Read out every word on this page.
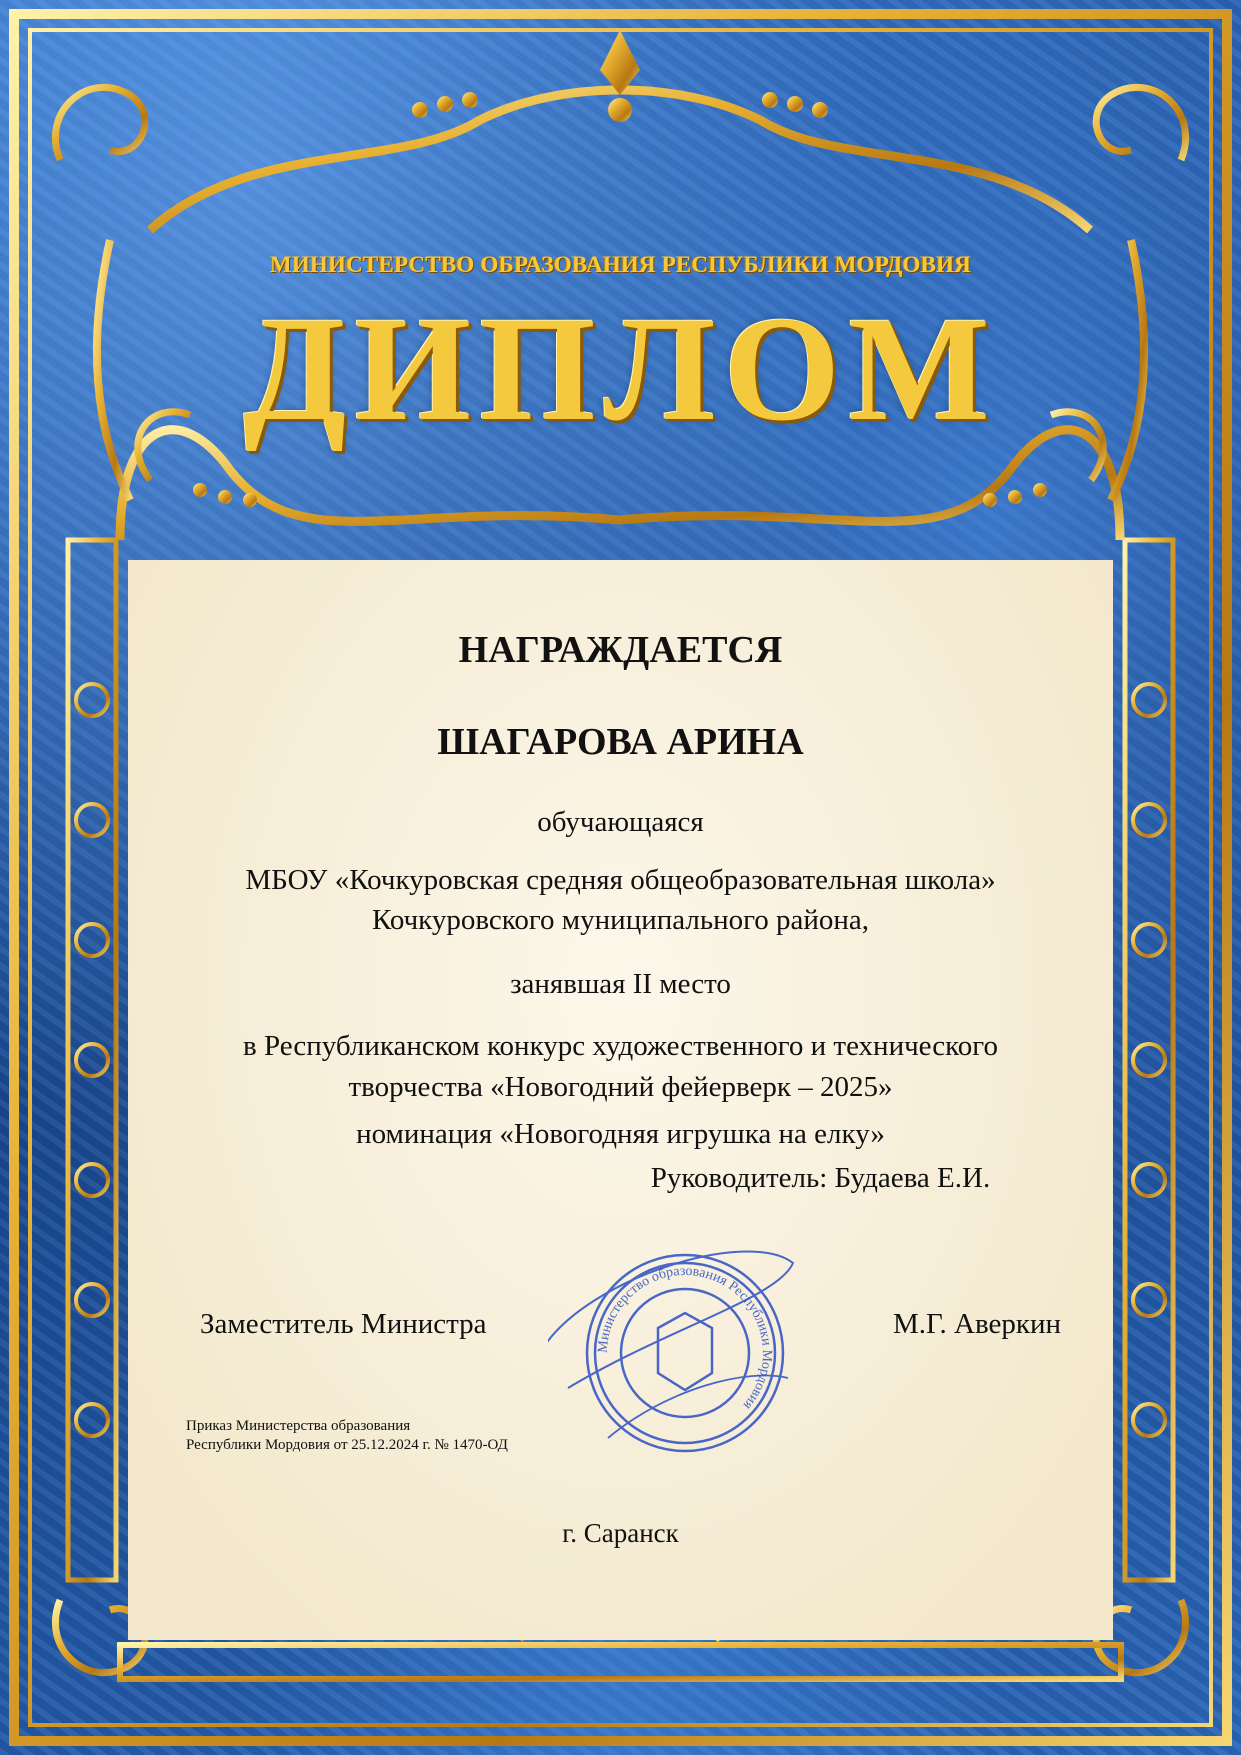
МИНИСТЕРСТВО ОБРАЗОВАНИЯ РЕСПУБЛИКИ МОРДОВИЯ
ДИПЛОМ
НАГРАЖДАЕТСЯ
ШАГАРОВА АРИНА
обучающаяся
МБОУ «Кочкуровская средняя общеобразовательная школа»
Кочкуровского муниципального района,
занявшая II место
в Республиканском конкурс художественного и технического
творчества «Новогодний фейерверк – 2025»
номинация «Новогодняя игрушка на елку»
Руководитель: Будаева Е.И.
Министерство образования Республики Мордовия
Заместитель Министра	М.Г. Аверкин
Приказ Министерства образования
Республики Мордовия от 25.12.2024 г. № 1470-ОД
г. Саранск
